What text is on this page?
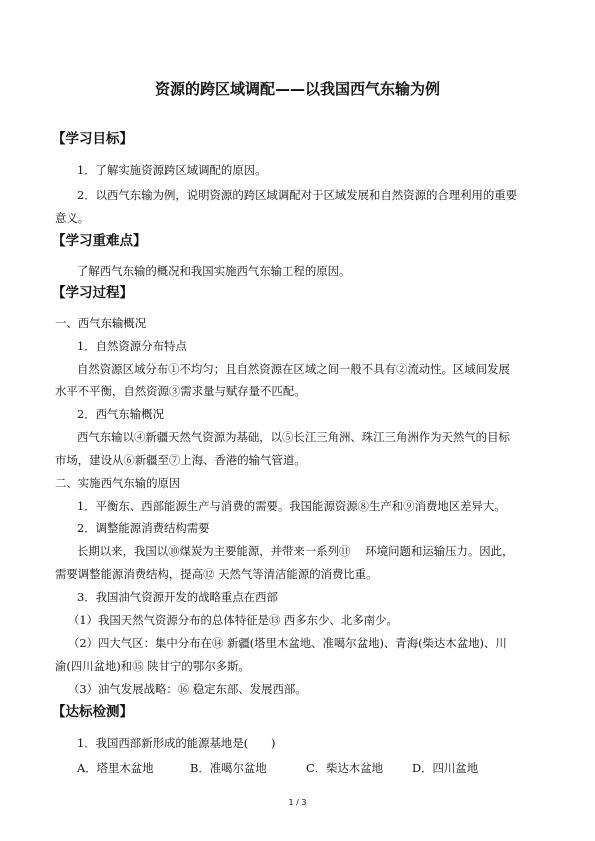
资源的跨区域调配——以我国西气东输为例
【学习目标】
1．了解实施资源跨区域调配的原因。
2．以西气东输为例，说明资源的跨区域调配对于区域发展和自然资源的合理利用的重要
意义。
【学习重难点】
了解西气东输的概况和我国实施西气东输工程的原因。
【学习过程】
一、西气东输概况
1．自然资源分布特点
自然资源区域分布①不均匀；且自然资源在区域之间一般不具有②流动性。区域间发展
水平不平衡，自然资源③需求量与赋存量不匹配。
2．西气东输概况
西气东输以④新疆天然气资源为基础，以⑤长江三角洲、珠江三角洲作为天然气的目标
市场，建设从⑥新疆至⑦上海、香港的输气管道。
二、实施西气东输的原因
1．平衡东、西部能源生产与消费的需要。我国能源资源⑧生产和⑨消费地区差异大。
2．调整能源消费结构需要
长期以来，我国以⑩煤炭为主要能源，并带来一系列⑪　 环境问题和运输压力。因此，
需要调整能源消费结构，提高⑫ 天然气等清洁能源的消费比重。
3．我国油气资源开发的战略重点在西部
（1）我国天然气资源分布的总体特征是⑬ 西多东少、北多南少。
（2）四大气区：集中分布在⑭ 新疆(塔里木盆地、准噶尔盆地)、青海(柴达木盆地)、川
渝(四川盆地)和⑮ 陕甘宁的鄂尔多斯。
（3）油气发展战略：⑯ 稳定东部、发展西部。
【达标检测】
1．我国西部新形成的能源基地是(　　)
A．塔里木盆地	B．准噶尔盆地	C．柴达木盆地	D．四川盆地
1 / 3
